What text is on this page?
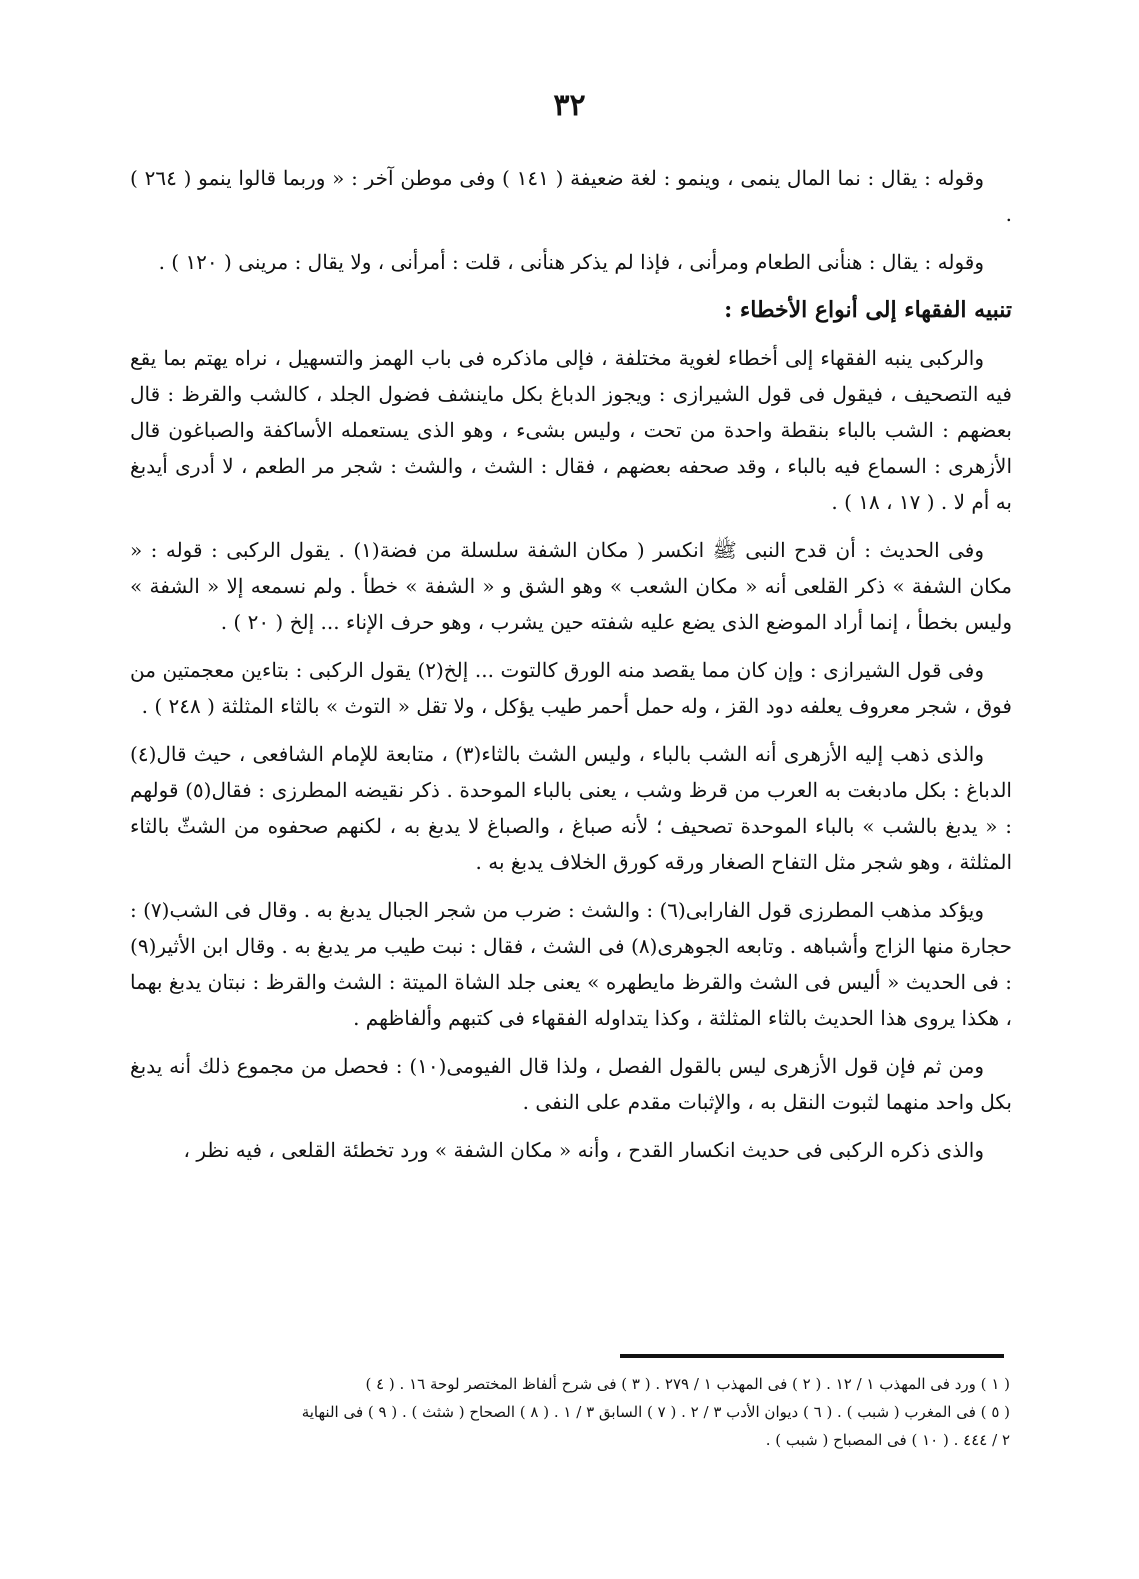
٣٢

وقوله : يقال : نما المال ينمى ، وينمو : لغة ضعيفة ( ١٤١ ) وفى موطن آخر : « وربما قالوا ينمو ( ٢٦٤ ) .

وقوله : يقال : هنأنى الطعام ومرأنى ، فإذا لم يذكر هنأنى ، قلت : أمرأنى ، ولا يقال : مرينى ( ١٢٠ ) .

تنبيه الفقهاء إلى أنواع الأخطاء :

والركبى ينبه الفقهاء إلى أخطاء لغوية مختلفة ، فإلى ماذكره فى باب الهمز والتسهيل ، نراه يهتم بما يقع فيه التصحيف ، فيقول فى قول الشيرازى : ويجوز الدباغ بكل ماينشف فضول الجلد ، كالشب والقرظ : قال بعضهم : الشب بالباء بنقطة واحدة من تحت ، وليس بشىء ، وهو الذى يستعمله الأساكفة والصباغون قال الأزهرى : السماع فيه بالباء ، وقد صحفه بعضهم ، فقال : الشث ، والشث : شجر مر الطعم ، لا أدرى أيدبغ به أم لا . ( ١٧ ، ١٨ ) .

وفى الحديث : أن قدح النبى ﷺ انكسر ( مكان الشفة سلسلة من فضة(١) . يقول الركبى : قوله : « مكان الشفة » ذكر القلعى أنه « مكان الشعب » وهو الشق و « الشفة » خطأ . ولم نسمعه إلا « الشفة » وليس بخطأ ، إنما أراد الموضع الذى يضع عليه شفته حين يشرب ، وهو حرف الإناء ... إلخ ( ٢٠ ) .

وفى قول الشيرازى : وإن كان مما يقصد منه الورق كالتوت ... إلخ(٢) يقول الركبى : بتاءين معجمتين من فوق ، شجر معروف يعلفه دود القز ، وله حمل أحمر طيب يؤكل ، ولا تقل « التوث » بالثاء المثلثة ( ٢٤٨ ) .

والذى ذهب إليه الأزهرى أنه الشب بالباء ، وليس الشث بالثاء(٣) ، متابعة للإمام الشافعى ، حيث قال(٤) الدباغ : بكل مادبغت به العرب من قرظ وشب ، يعنى بالباء الموحدة . ذكر نقيضه المطرزى : فقال(٥) قولهم : « يدبغ بالشب » بالباء الموحدة تصحيف ؛ لأنه صباغ ، والصباغ لا يدبغ به ، لكنهم صحفوه من الشثّ بالثاء المثلثة ، وهو شجر مثل التفاح الصغار ورقه كورق الخلاف يدبغ به .

ويؤكد مذهب المطرزى قول الفارابى(٦) : والشث : ضرب من شجر الجبال يدبغ به . وقال فى الشب(٧) : حجارة منها الزاج وأشباهه . وتابعه الجوهرى(٨) فى الشث ، فقال : نبت طيب مر يدبغ به . وقال ابن الأثير(٩) : فى الحديث « أليس فى الشث والقرظ مايطهره » يعنى جلد الشاة الميتة : الشث والقرظ : نبتان يدبغ بهما ، هكذا يروى هذا الحديث بالثاء المثلثة ، وكذا يتداوله الفقهاء فى كتبهم وألفاظهم .

ومن ثم فإن قول الأزهرى ليس بالقول الفصل ، ولذا قال الفيومى(١٠) : فحصل من مجموع ذلك أنه يدبغ بكل واحد منهما لثبوت النقل به ، والإثبات مقدم على النفى .

والذى ذكره الركبى فى حديث انكسار القدح ، وأنه « مكان الشفة » ورد تخطئة القلعى ، فيه نظر ،

( ١ ) ورد فى المهذب ١ / ١٢ . ( ٢ ) فى المهذب ١ / ٢٧٩ . ( ٣ ) فى شرح ألفاظ المختصر لوحة ١٦ . ( ٤ )
( ٥ ) فى المغرب ( شبب ) . ( ٦ ) ديوان الأدب ٣ / ٢ . ( ٧ ) السابق ٣ / ١ . ( ٨ ) الصحاح ( شثث ) . ( ٩ ) فى النهاية
٢ / ٤٤٤ . ( ١٠ ) فى المصباح ( شبب ) .
